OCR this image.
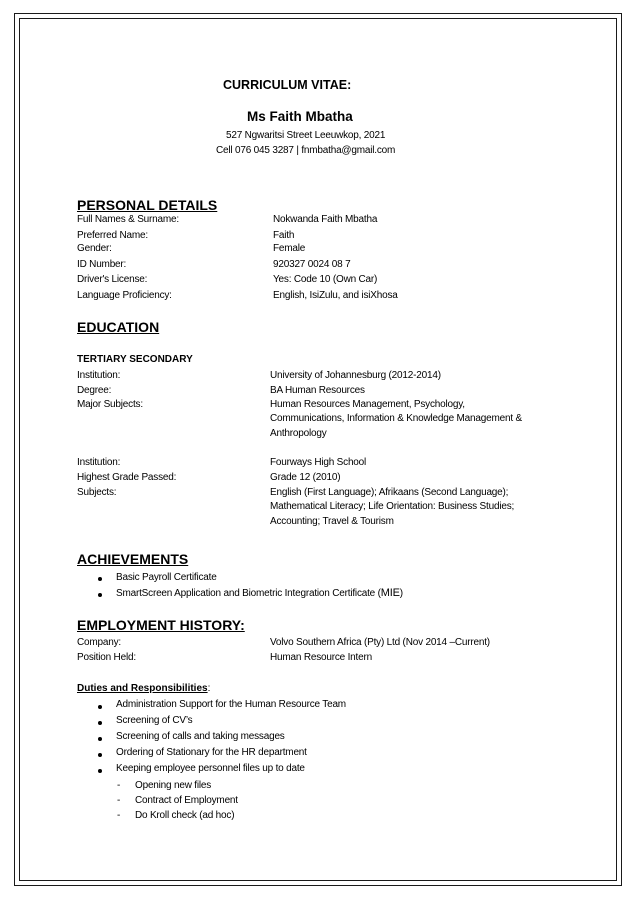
CURRICULUM VITAE:
Ms Faith Mbatha
527 Ngwaritsi Street Leeuwkop, 2021
Cell 076 045 3287 | fnmbatha@gmail.com
PERSONAL DETAILS
Full Names & Surname:	Nokwanda Faith Mbatha
Preferred Name:	Faith
Gender:	Female
ID Number:	920327 0024 08 7
Driver's License:	Yes: Code 10 (Own Car)
Language Proficiency:	English, IsiZulu, and isiXhosa
EDUCATION
TERTIARY SECONDARY
Institution:	University of Johannesburg (2012-2014)
Degree:	BA Human Resources
Major Subjects:	Human Resources Management, Psychology,
Communications, Information & Knowledge Management &
Anthropology
Institution:	Fourways High School
Highest Grade Passed:	Grade 12 (2010)
Subjects:	English (First Language); Afrikaans (Second Language);
Mathematical Literacy; Life Orientation: Business Studies;
Accounting; Travel & Tourism
ACHIEVEMENTS
Basic Payroll Certificate
SmartScreen Application and Biometric Integration Certificate (MIE)
EMPLOYMENT HISTORY:
Company:	Volvo Southern Africa (Pty) Ltd (Nov 2014 –Current)
Position Held:	Human Resource Intern
Duties and Responsibilities:
Administration Support for the Human Resource Team
Screening of CV’s
Screening of calls and taking messages
Ordering of Stationary for the HR department
Keeping employee personnel files up to date
- Opening new files
- Contract of Employment
- Do Kroll check (ad hoc)
